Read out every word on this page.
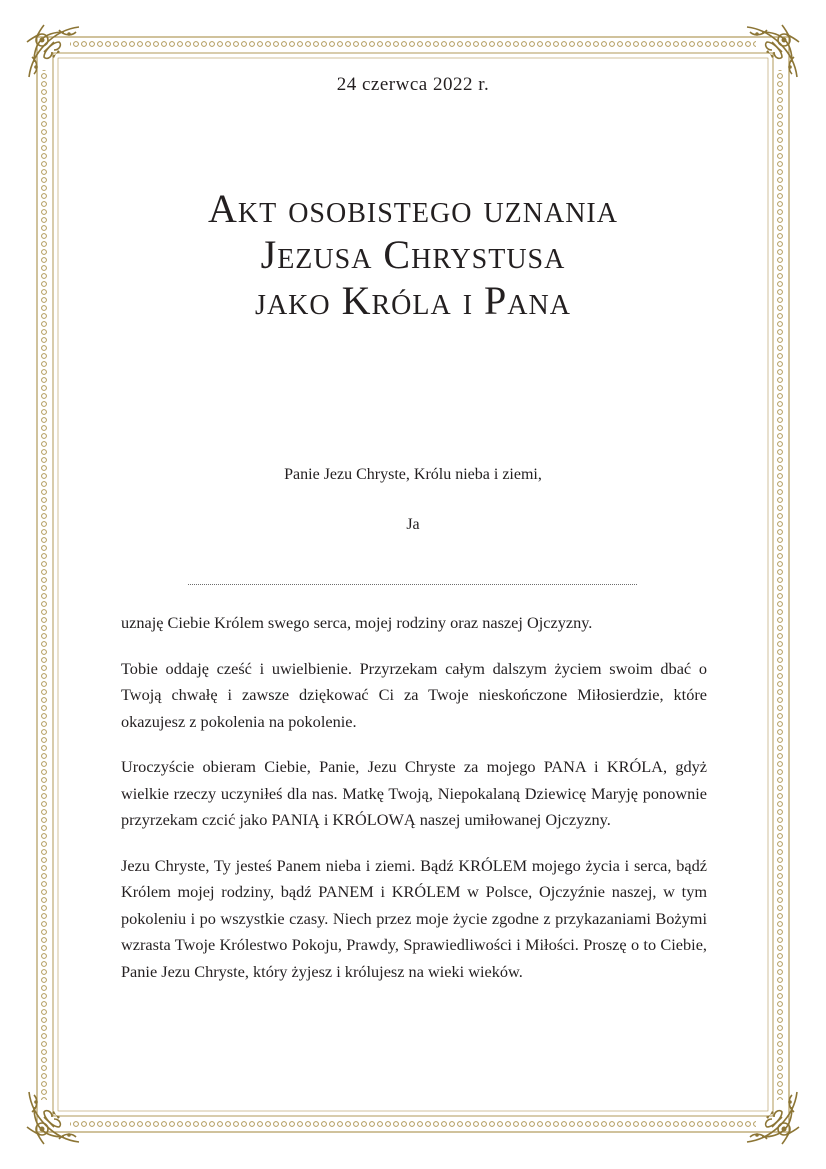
24 czerwca 2022 r.
Akt osobistego uznania
Jezusa Chrystusa
jako Króla i Pana
Panie Jezu Chryste, Królu nieba i ziemi,
Ja

uznaję Ciebie Królem swego serca, mojej rodziny oraz naszej Ojczyzny.

Tobie oddaję cześć i uwielbienie. Przyrzekam całym dalszym życiem swoim dbać o Twoją chwałę i zawsze dziękować Ci za Twoje nieskończone Miłosierdzie, które okazujesz z pokolenia na pokolenie.

Uroczyście obieram Ciebie, Panie, Jezu Chryste za mojego PANA i KRÓLA, gdyż wielkie rzeczy uczyniłeś dla nas. Matkę Twoją, Niepokalaną Dziewicę Maryję ponownie przyrzekam czcić jako PANIĄ i KRÓLOWĄ naszej umiłowanej Ojczyzny.

Jezu Chryste, Ty jesteś Panem nieba i ziemi. Bądź KRÓLEM mojego życia i serca, bądź Królem mojej rodziny, bądź PANEM i KRÓLEM w Polsce, Ojczyźnie naszej, w tym pokoleniu i po wszystkie czasy. Niech przez moje życie zgodne z przykazaniami Bożymi wzrasta Twoje Królestwo Pokoju, Prawdy, Sprawiedliwości i Miłości. Proszę o to Ciebie, Panie Jezu Chryste, który żyjesz i królujesz na wieki wieków.
